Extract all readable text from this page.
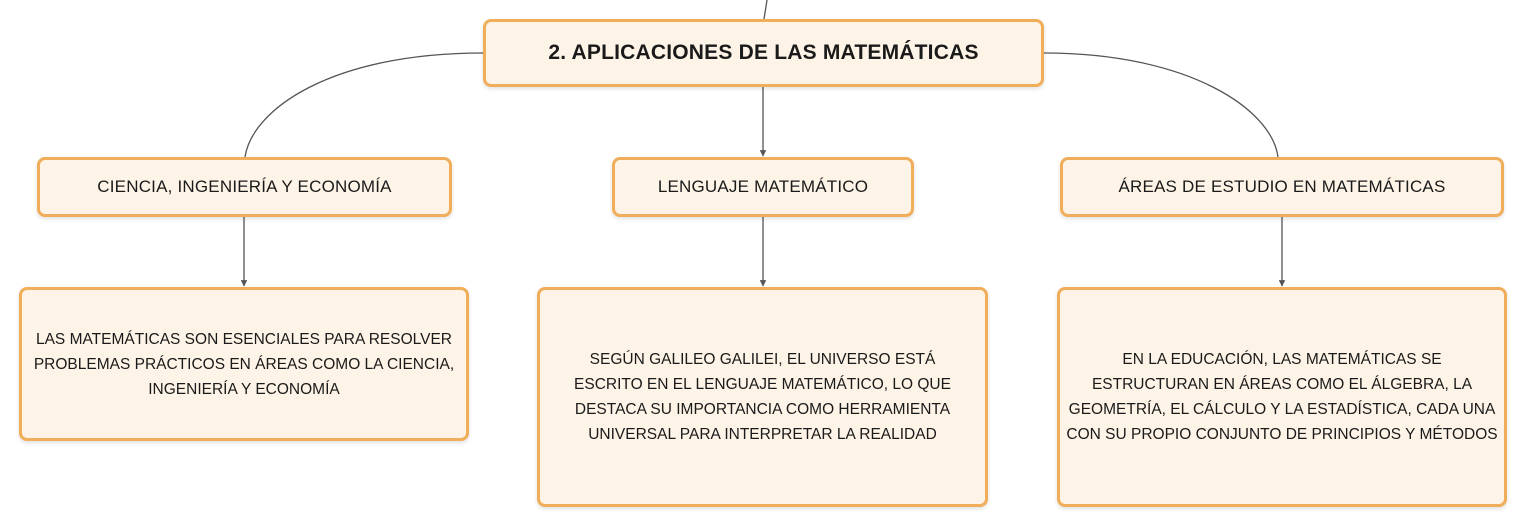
2. APLICACIONES DE LAS MATEMÁTICAS
CIENCIA, INGENIERÍA Y ECONOMÍA	LENGUAJE MATEMÁTICO	ÁREAS DE ESTUDIO EN MATEMÁTICAS
LAS MATEMÁTICAS SON ESENCIALES PARA RESOLVER PROBLEMAS PRÁCTICOS EN ÁREAS COMO LA CIENCIA, INGENIERÍA Y ECONOMÍA
SEGÚN GALILEO GALILEI, EL UNIVERSO ESTÁ ESCRITO EN EL LENGUAJE MATEMÁTICO, LO QUE DESTACA SU IMPORTANCIA COMO HERRAMIENTA UNIVERSAL PARA INTERPRETAR LA REALIDAD
EN LA EDUCACIÓN, LAS MATEMÁTICAS SE ESTRUCTURAN EN ÁREAS COMO EL ÁLGEBRA, LA GEOMETRÍA, EL CÁLCULO Y LA ESTADÍSTICA, CADA UNA CON SU PROPIO CONJUNTO DE PRINCIPIOS Y MÉTODOS
